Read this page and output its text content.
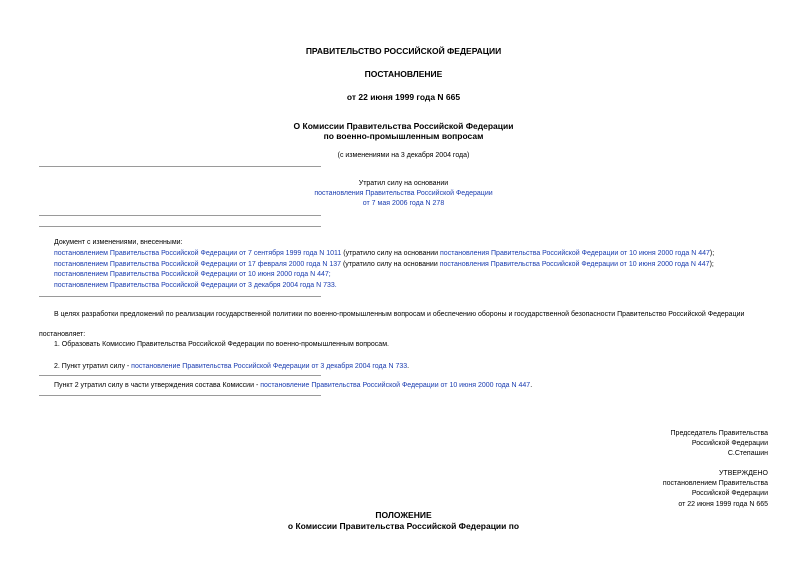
ПРАВИТЕЛЬСТВО РОССИЙСКОЙ ФЕДЕРАЦИИ
ПОСТАНОВЛЕНИЕ
от 22 июня 1999 года N 665
О Комиссии Правительства Российской Федерации
по военно-промышленным вопросам
(с изменениями на 3 декабря 2004 года)
Утратил силу на основании
постановления Правительства Российской Федерации
от 7 мая 2006 года N 278
Документ с изменениями, внесенными:
постановлением Правительства Российской Федерации от 7 сентября 1999 года N 1011 (утратило силу на основании постановления Правительства Российской Федерации от 10 июня 2000 года N 447);
постановлением Правительства Российской Федерации от 17 февраля 2000 года N 137 (утратило силу на основании постановления Правительства Российской Федерации от 10 июня 2000 года N 447);
постановлением Правительства Российской Федерации от 10 июня 2000 года N 447;
постановлением Правительства Российской Федерации от 3 декабря 2004 года N 733.
В целях разработки предложений по реализации государственной политики по военно-промышленным вопросам и обеспечению обороны и государственной безопасности Правительство Российской Федерации
постановляет:
1. Образовать Комиссию Правительства Российской Федерации по военно-промышленным вопросам.
2. Пункт утратил силу - постановление Правительства Российской Федерации от 3 декабря 2004 года N 733.
Пункт 2 утратил силу в части утверждения состава Комиссии - постановление Правительства Российской Федерации от 10 июня 2000 года N 447.
Председатель Правительства
Российской Федерации
С.Степашин
УТВЕРЖДЕНО
постановлением Правительства
Российской Федерации
от 22 июня 1999 года N 665
ПОЛОЖЕНИЕ
о Комиссии Правительства Российской Федерации по
